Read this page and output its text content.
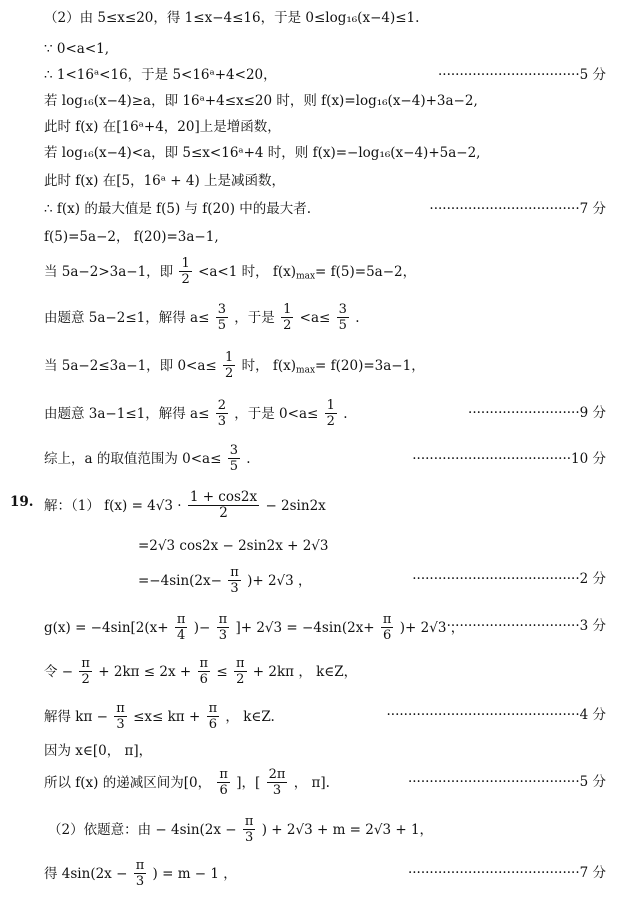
（2）由 5≤x≤20，得 1≤x−4≤16，于是 0≤log₁₆(x−4)≤1.
∵ 0<a<1,
∴ 1<16ᵃ<16，于是 5<16ᵃ+4<20，	·································5 分
若 log₁₆(x−4)≥a，即 16ᵃ+4≤x≤20 时，则 f(x)=log₁₆(x−4)+3a−2,
此时 f(x) 在[16ᵃ+4，20]上是增函数，
若 log₁₆(x−4)<a，即 5≤x<16ᵃ+4 时，则 f(x)=−log₁₆(x−4)+5a−2,
此时 f(x) 在[5，16ᵃ + 4) 上是减函数，
∴ f(x) 的最大值是 f(5) 与 f(20) 中的最大者.	···································7 分
f(5)=5a−2， f(20)=3a−1,
当 5a−2>3a−1，即 $\frac{1}{2} <a<1$ 时， $f(x)_{max}= f(5)=5a-2$，
由题意 5a−2≤1，解得 $a\le \frac{3}{5}$ ，于是 $\frac{1}{2} <a\le \frac{3}{5}$ .
当 5a−2≤3a−1，即 $0<a\le \frac{1}{2}$ 时， $f(x)_{max}= f(20)=3a-1$，
由题意 3a−1≤1，解得 $a\le \frac{2}{3}$ ，于是 $0<a\le \frac{1}{2}$ .	··························9 分
综上，a 的取值范围为 $0<a\le \frac{3}{5}$ .	·····································10 分
19. 解：（1） $f(x) = 4√3 \cdot \frac{1 + \cos 2x}{2} - 2\sin 2x$
=2√3 cos2x − 2sin2x + 2√3
$=-4\sin(2x- \frac{\pi}{3}$ )+ 2√3 ，	·······································2 分
$g(x) = -4\sin[2(x+ \frac{\pi}{4}$ )− $\frac{\pi}{3}$ ]+ $2√3 = -4\sin(2x+ \frac{\pi}{6}$ )+ 2√3 ，
·······························3 分
令 − $\frac{\pi}{2} + 2k\pi \le 2x + \frac{\pi}{6} \le \frac{\pi}{2} + 2k\pi$ ， k∈Z，
解得 $k\pi - \frac{\pi}{3} \le x\le k\pi + \frac{\pi}{6}$ ， k∈Z.	·············································4 分
因为 x∈[0， π]，
所以 f(x) 的递减区间为[0， $\frac{\pi}{6}$ ]，[ $\frac{2\pi}{3}$ ， π].	········································5 分
（2）依题意：由 − $4\sin(2x - \frac{\pi}{3}$ ) + 2√3 + m = 2√3 + 1，
得 $4\sin(2x - \frac{\pi}{3}$ ) = m − 1 ，	········································7 分
